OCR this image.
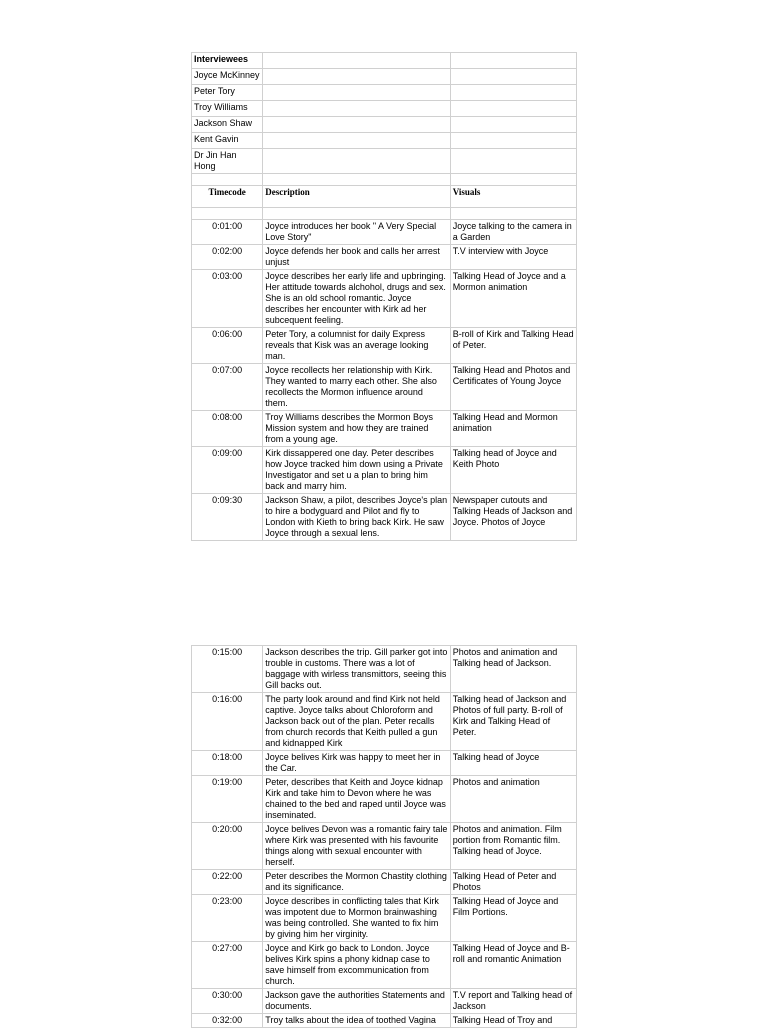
Interviewees		
Joyce McKinney		
Peter Tory		
Troy Williams		
Jackson Shaw		
Kent Gavin		
Dr Jin Han Hong		

Timecode	Description	Visuals

0:01:00	Joyce introduces her book " A Very Special Love Story"	Joyce talking to the camera in a Garden
0:02:00	Joyce defends her book and calls her arrest unjust	T.V interview with Joyce
0:03:00	Joyce describes her early life and upbringing. Her attitude towards alchohol, drugs and sex. She is an old school romantic. Joyce describes her encounter with Kirk ad her subcequent feeling.	Talking Head of Joyce and a Mormon animation
0:06:00	Peter Tory, a columnist for daily Express reveals that Kisk was an average looking man.	B-roll of Kirk and Talking Head of Peter.
0:07:00	Joyce recollects her relationship with Kirk. They wanted to marry each other. She also recollects the Mormon influence around them.	Talking Head and Photos and Certificates of Young Joyce
0:08:00	Troy Williams describes the Mormon Boys Mission system and how they are trained from a young age.	Talking Head and Mormon animation
0:09:00	Kirk dissappered one day. Peter describes how Joyce tracked him down using a Private Investigator and set u a plan to bring him back and marry him.	Talking head of Joyce and Keith Photo
0:09:30	Jackson Shaw, a pilot, describes Joyce's plan to hire a bodyguard and Pilot and fly to London with Kieth to bring back Kirk. He saw Joyce through a sexual lens.	Newspaper cutouts and Talking Heads of Jackson and Joyce. Photos of Joyce
0:15:00	Jackson describes the trip. Gill parker got into trouble in customs. There was a lot of baggage with wirless transmittors, seeing this Gill backs out.	Photos and animation and Talking head of Jackson.
0:16:00	The party look around and find Kirk not held captive. Joyce talks about Chloroform and Jackson back out of the plan. Peter recalls from church records that Keith pulled a gun and kidnapped Kirk	Talking head of Jackson and Photos of full party. B-roll of Kirk and Talking Head of Peter.
0:18:00	Joyce belives Kirk was happy to meet her in the Car.	Talking head of Joyce
0:19:00	Peter, describes that Keith and Joyce kidnap Kirk and take him to Devon where he was chained to the bed and raped until Joyce was inseminated.	Photos and animation
0:20:00	Joyce belives Devon was a romantic fairy tale where Kirk was presented with his favourite things along with sexual encounter with herself.	Photos and animation. Film portion from Romantic film. Talking head of Joyce.
0:22:00	Peter describes the Mormon Chastity clothing and its significance.	Talking Head of Peter and Photos
0:23:00	Joyce describes in conflicting tales that Kirk was impotent due to Mormon brainwashing was being controlled. She wanted to fix him by giving him her virginity.	Talking Head of Joyce and Film Portions.
0:27:00	Joyce and Kirk go back to London. Joyce belives Kirk spins a phony kidnap case to save himself from excommunication from church.	Talking Head of Joyce and B-roll and romantic Animation
0:30:00	Jackson gave the authorities Statements and documents.	T.V report and Talking head of Jackson
0:32:00	Troy talks about the idea of toothed Vagina	Talking Head of Troy and
